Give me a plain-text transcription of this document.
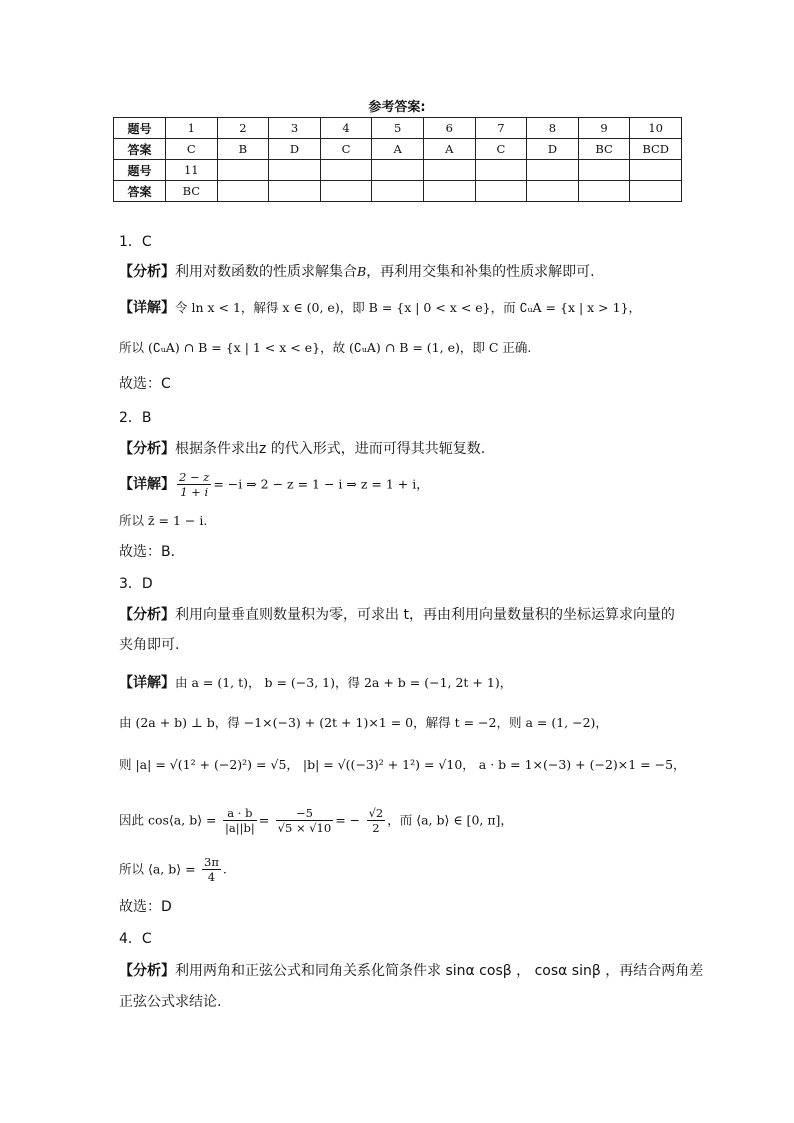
参考答案:
题号	1	2	3	4	5	6	7	8	9	10
答案	C	B	D	C	A	A	C	D	BC	BCD
题号	11									
答案	BC									
1．C
【分析】利用对数函数的性质求解集合B，再利用交集和补集的性质求解即可.
【详解】令 ln x < 1，解得 x ∈ (0, e)，即 B = {x | 0 < x < e}，而 ∁ᵤA = {x | x > 1}，
所以 (∁ᵤA) ∩ B = {x | 1 < x < e}，故 (∁ᵤA) ∩ B = (1, e)，即 C 正确.
故选：C
2．B
【分析】根据条件求出z 的代入形式，进而可得其共轭复数.
【详解】 $\frac{2 - z}{1 + i} = -i$ ⇒ 2 − z = 1 − i ⇒ z = 1 + i，
所以 z̄ = 1 − i.
故选：B．
3．D
【分析】利用向量垂直则数量积为零，可求出 t，再由利用向量数量积的坐标运算求向量的
夹角即可.
【详解】由 a = (1, t)， b = (−3, 1)，得 2a + b = (−1, 2t + 1)，
由 (2a + b) ⊥ b，得 −1×(−3) + (2t + 1)×1 = 0，解得 t = −2，则 a = (1, −2)，
则 |a| = √(1² + (−2)²) = √5， |b| = √((−3)² + 1²) = √10， a · b = 1×(−3) + (−2)×1 = −5，
因此 cos⟨a, b⟩ = $\frac{a \cdot b}{|a||b|} = \frac{-5}{√5 \times √10}$ = − $\frac{√2}{2}$ ，而 ⟨a, b⟩ ∈ [0, π]，
所以 ⟨a, b⟩ = $\frac{3\pi}{4}$ .
故选：D
4．C
【分析】利用两角和正弦公式和同角关系化简条件求 sinα cosβ ， cosα sinβ ，再结合两角差
正弦公式求结论.
